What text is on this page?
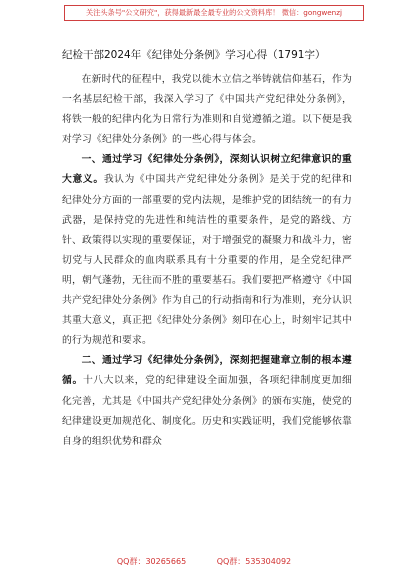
关注头条号"公文研究"，获得最新最全最专业的公文资料库！ 微信：gongwenzj
纪检干部2024年《纪律处分条例》学习心得（1791字）

在新时代的征程中，我党以徙木立信之举铸就信仰基石，作为一名基层纪检干部，我深入学习了《中国共产党纪律处分条例》，将铁一般的纪律内化为日常行为准则和自觉遵循之道。以下便是我对学习《纪律处分条例》的一些心得与体会。

一、通过学习《纪律处分条例》，深刻认识树立纪律意识的重大意义。我认为《中国共产党纪律处分条例》是关于党的纪律和纪律处分方面的一部重要的党内法规，是维护党的团结统一的有力武器，是保持党的先进性和纯洁性的重要条件，是党的路线、方针、政策得以实现的重要保证，对于增强党的凝聚力和战斗力，密切党与人民群众的血肉联系具有十分重要的作用，是全党纪律严明，朝气蓬勃，无往而不胜的重要基石。我们要把严格遵守《中国共产党纪律处分条例》作为自己的行动指南和行为准则，充分认识其重大意义，真正把《纪律处分条例》刻印在心上，时刻牢记其中的行为规范和要求。

二、通过学习《纪律处分条例》，深刻把握建章立制的根本遵循。十八大以来，党的纪律建设全面加强，各项纪律制度更加细化完善，尤其是《中国共产党纪律处分条例》的颁布实施，使党的纪律建设更加规范化、制度化。历史和实践证明，我们党能够依靠自身的组织优势和群众

QQ群：30265665	QQ群：535304092
